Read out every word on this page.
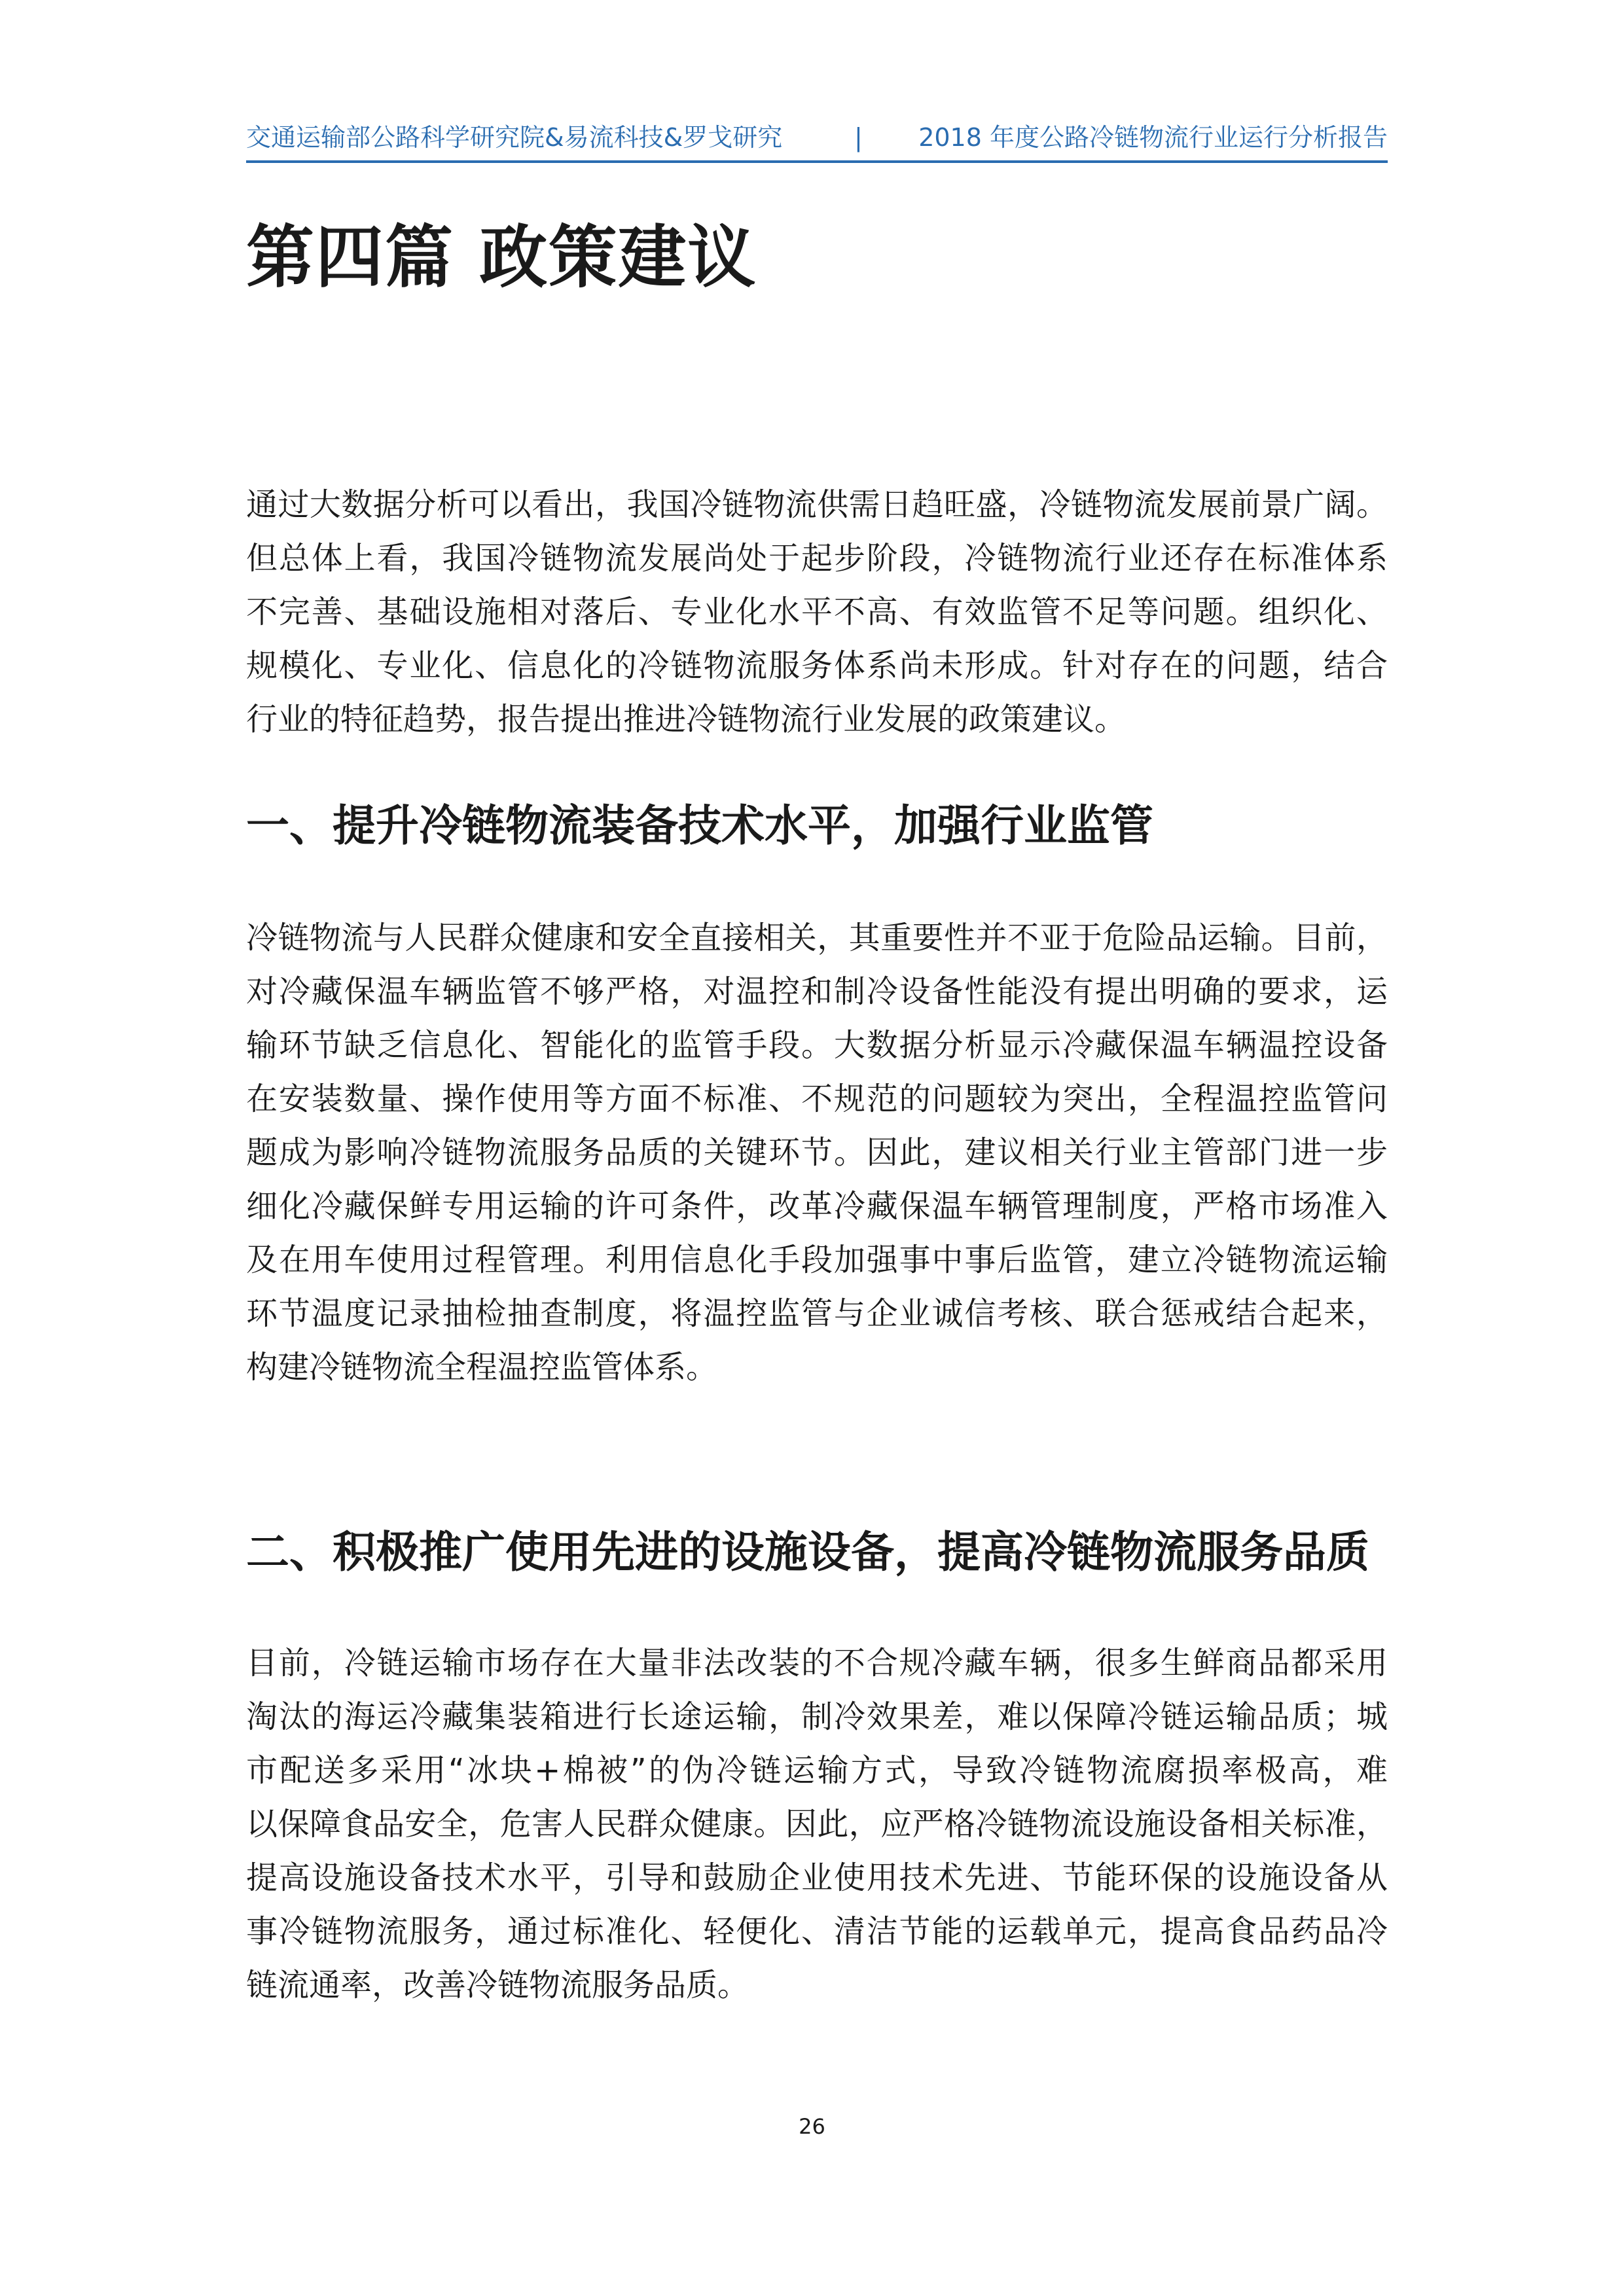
交通运输部公路科学研究院&易流科技&罗戈研究	| 2018 年度公路冷链物流行业运行分析报告
第四篇 政策建议
通过大数据分析可以看出，我国冷链物流供需日趋旺盛，冷链物流发展前景广阔。
但总体上看，我国冷链物流发展尚处于起步阶段，冷链物流行业还存在标准体系
不完善、基础设施相对落后、专业化水平不高、有效监管不足等问题。组织化、
规模化、专业化、信息化的冷链物流服务体系尚未形成。针对存在的问题，结合
行业的特征趋势，报告提出推进冷链物流行业发展的政策建议。
一、提升冷链物流装备技术水平，加强行业监管
冷链物流与人民群众健康和安全直接相关，其重要性并不亚于危险品运输。目前，
对冷藏保温车辆监管不够严格，对温控和制冷设备性能没有提出明确的要求，运
输环节缺乏信息化、智能化的监管手段。大数据分析显示冷藏保温车辆温控设备
在安装数量、操作使用等方面不标准、不规范的问题较为突出，全程温控监管问
题成为影响冷链物流服务品质的关键环节。因此，建议相关行业主管部门进一步
细化冷藏保鲜专用运输的许可条件，改革冷藏保温车辆管理制度，严格市场准入
及在用车使用过程管理。利用信息化手段加强事中事后监管，建立冷链物流运输
环节温度记录抽检抽查制度，将温控监管与企业诚信考核、联合惩戒结合起来，
构建冷链物流全程温控监管体系。
二、积极推广使用先进的设施设备，提高冷链物流服务品质
目前，冷链运输市场存在大量非法改装的不合规冷藏车辆，很多生鲜商品都采用
淘汰的海运冷藏集装箱进行长途运输，制冷效果差，难以保障冷链运输品质；城
市配送多采用“冰块+棉被”的伪冷链运输方式，导致冷链物流腐损率极高，难
以保障食品安全，危害人民群众健康。因此，应严格冷链物流设施设备相关标准，
提高设施设备技术水平，引导和鼓励企业使用技术先进、节能环保的设施设备从
事冷链物流服务，通过标准化、轻便化、清洁节能的运载单元，提高食品药品冷
链流通率，改善冷链物流服务品质。
26
